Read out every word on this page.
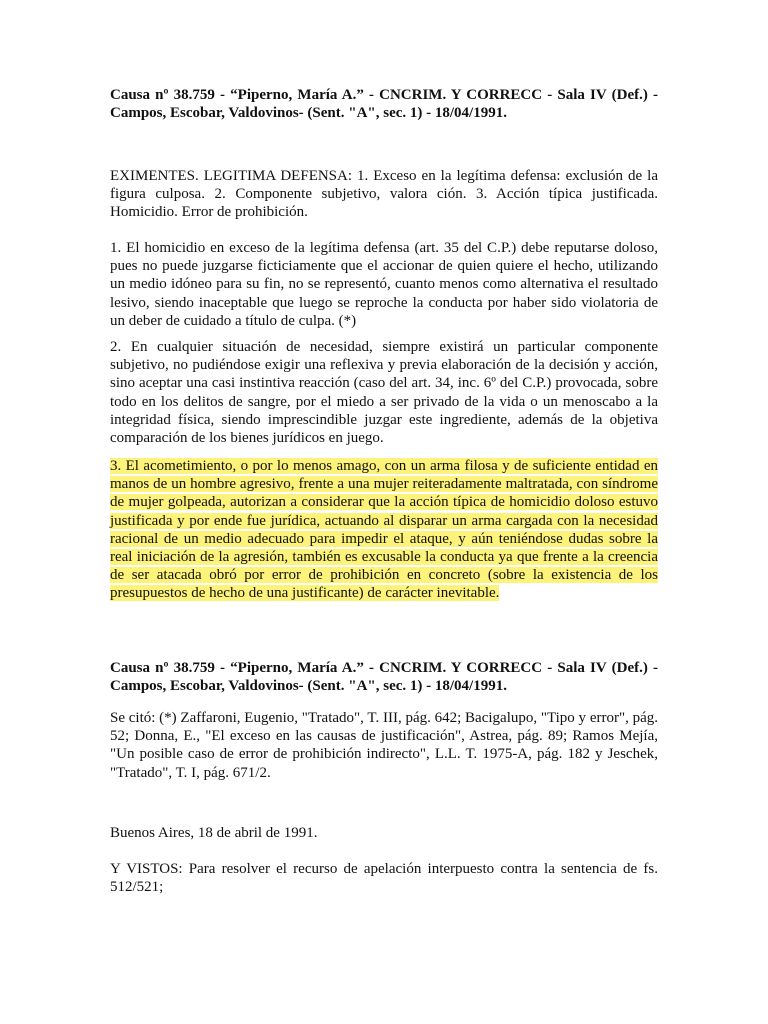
Causa nº 38.759 - “Piperno, María A.” - CNCRIM. Y CORRECC - Sala IV (Def.) - Campos, Escobar, Valdovinos- (Sent. "A", sec. 1) - 18/04/1991.

EXIMENTES. LEGITIMA DEFENSA: 1. Exceso en la legítima defensa: exclusión de la figura culposa. 2. Componente subjetivo, valora ción. 3. Acción típica justificada. Homicidio. Error de prohibición.

1. El homicidio en exceso de la legítima defensa (art. 35 del C.P.) debe reputarse doloso, pues no puede juzgarse ficticiamente que el accionar de quien quiere el hecho, utilizando un medio idóneo para su fin, no se representó, cuanto menos como alternativa el resultado lesivo, siendo inaceptable que luego se reproche la conducta por haber sido violatoria de un deber de cuidado a título de culpa. (*)

2. En cualquier situación de necesidad, siempre existirá un particular componente subjetivo, no pudiéndose exigir una reflexiva y previa elaboración de la decisión y acción, sino aceptar una casi instintiva reacción (caso del art. 34, inc. 6º del C.P.) provocada, sobre todo en los delitos de sangre, por el miedo a ser privado de la vida o un menoscabo a la integridad física, siendo imprescindible juzgar este ingrediente, además de la objetiva comparación de los bienes jurídicos en juego.

3. El acometimiento, o por lo menos amago, con un arma filosa y de suficiente entidad en manos de un hombre agresivo, frente a una mujer reiteradamente maltratada, con síndrome de mujer golpeada, autorizan a considerar que la acción típica de homicidio doloso estuvo justificada y por ende fue jurídica, actuando al disparar un arma cargada con la necesidad racional de un medio adecuado para impedir el ataque, y aún teniéndose dudas sobre la real iniciación de la agresión, también es excusable la conducta ya que frente a la creencia de ser atacada obró por error de prohibición en concreto (sobre la existencia de los presupuestos de hecho de una justificante) de carácter inevitable.

Causa nº 38.759 - “Piperno, María A.” - CNCRIM. Y CORRECC - Sala IV (Def.) - Campos, Escobar, Valdovinos- (Sent. "A", sec. 1) - 18/04/1991.

Se citó: (*) Zaffaroni, Eugenio, "Tratado", T. III, pág. 642; Bacigalupo, "Tipo y error", pág. 52; Donna, E., "El exceso en las causas de justificación", Astrea, pág. 89; Ramos Mejía, "Un posible caso de error de prohibición indirecto", L.L. T. 1975-A, pág. 182 y Jeschek, "Tratado", T. I, pág. 671/2.

Buenos Aires, 18 de abril de 1991.

Y VISTOS: Para resolver el recurso de apelación interpuesto contra la sentencia de fs. 512/521;
